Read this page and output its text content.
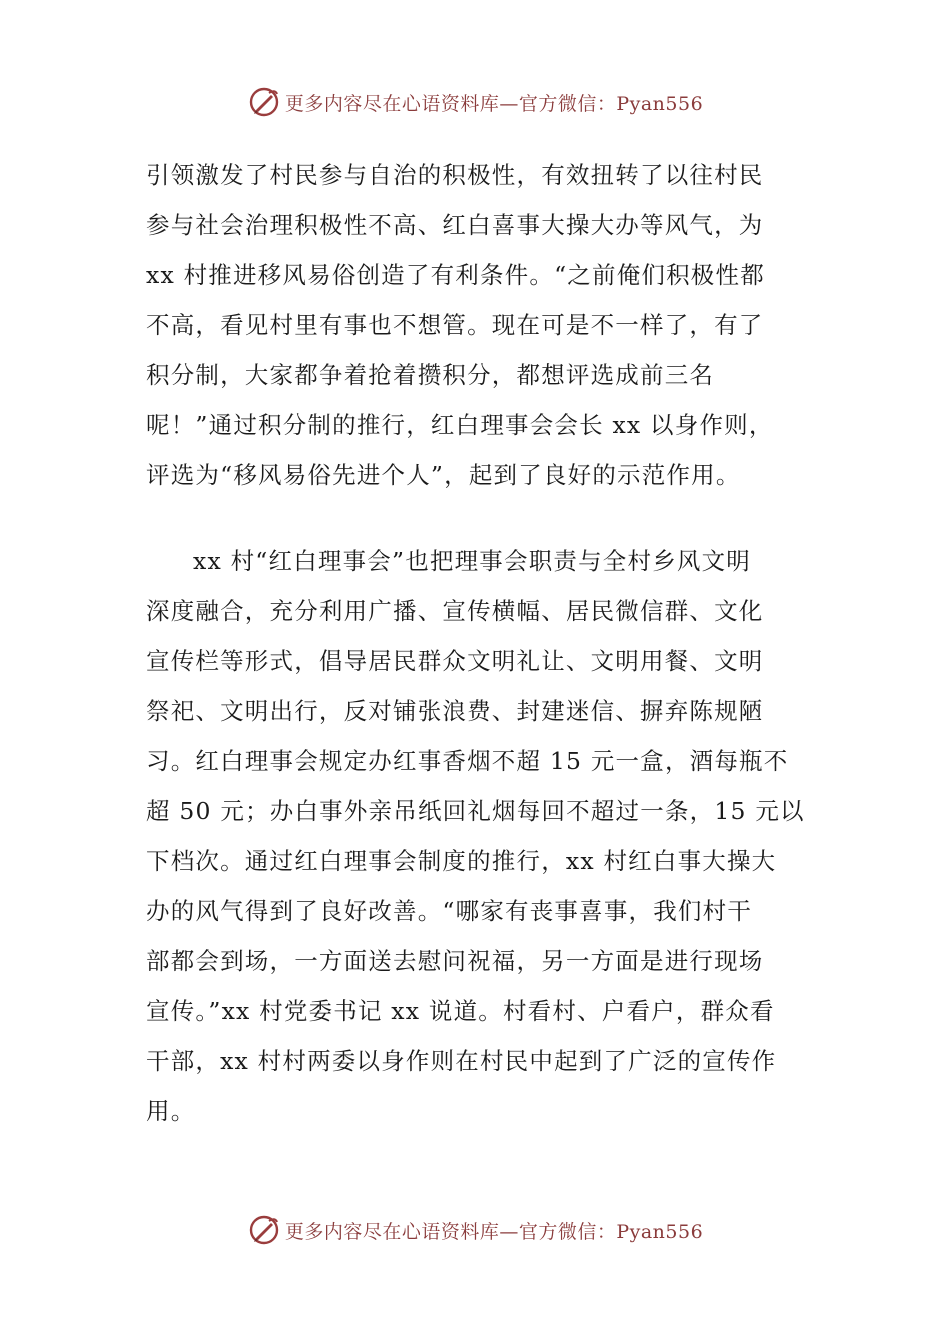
更多内容尽在心语资料库—官方微信：Pyan556

引领激发了村民参与自治的积极性，有效扭转了以往村民
参与社会治理积极性不高、红白喜事大操大办等风气，为
xx 村推进移风易俗创造了有利条件。“之前俺们积极性都
不高，看见村里有事也不想管。现在可是不一样了，有了
积分制，大家都争着抢着攒积分，都想评选成前三名
呢！”通过积分制的推行，红白理事会会长 xx 以身作则，
评选为“移风易俗先进个人”，起到了良好的示范作用。

xx 村“红白理事会”也把理事会职责与全村乡风文明
深度融合，充分利用广播、宣传横幅、居民微信群、文化
宣传栏等形式，倡导居民群众文明礼让、文明用餐、文明
祭祀、文明出行，反对铺张浪费、封建迷信、摒弃陈规陋
习。红白理事会规定办红事香烟不超 15 元一盒，酒每瓶不
超 50 元；办白事外亲吊纸回礼烟每回不超过一条，15 元以
下档次。通过红白理事会制度的推行，xx 村红白事大操大
办的风气得到了良好改善。“哪家有丧事喜事，我们村干
部都会到场，一方面送去慰问祝福，另一方面是进行现场
宣传。”xx 村党委书记 xx 说道。村看村、户看户，群众看
干部，xx 村村两委以身作则在村民中起到了广泛的宣传作
用。

更多内容尽在心语资料库—官方微信：Pyan556
